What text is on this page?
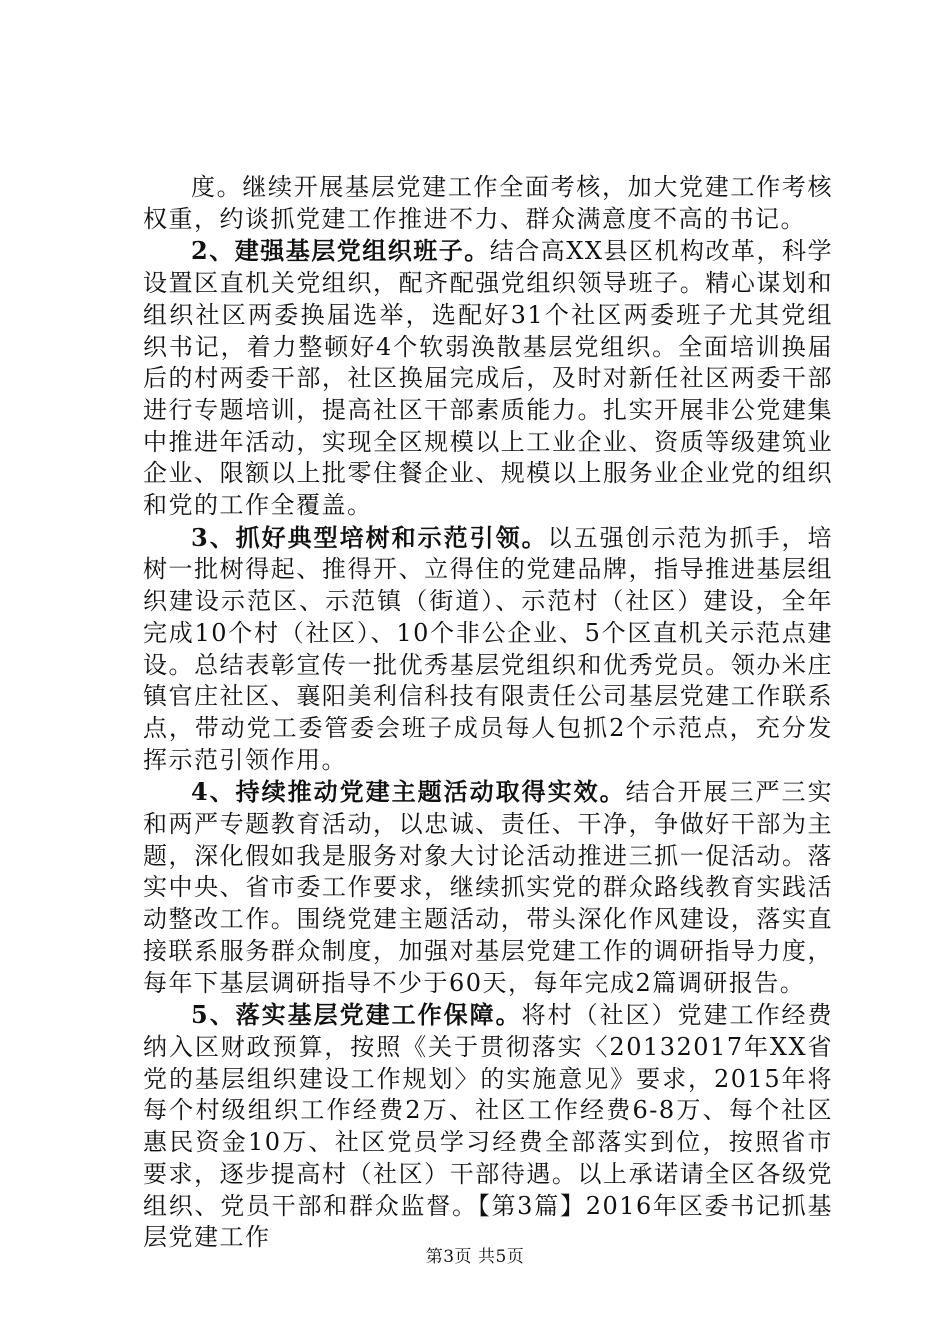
度。继续开展基层党建工作全面考核，加大党建工作考核权重，约谈抓党建工作推进不力、群众满意度不高的书记。

2、建强基层党组织班子。结合高XX县区机构改革，科学设置区直机关党组织，配齐配强党组织领导班子。精心谋划和组织社区两委换届选举，选配好31个社区两委班子尤其党组织书记，着力整顿好4个软弱涣散基层党组织。全面培训换届后的村两委干部，社区换届完成后，及时对新任社区两委干部进行专题培训，提高社区干部素质能力。扎实开展非公党建集中推进年活动，实现全区规模以上工业企业、资质等级建筑业企业、限额以上批零住餐企业、规模以上服务业企业党的组织和党的工作全覆盖。

3、抓好典型培树和示范引领。以五强创示范为抓手，培树一批树得起、推得开、立得住的党建品牌，指导推进基层组织建设示范区、示范镇（街道）、示范村（社区）建设，全年完成10个村（社区）、10个非公企业、5个区直机关示范点建设。总结表彰宣传一批优秀基层党组织和优秀党员。领办米庄镇官庄社区、襄阳美利信科技有限责任公司基层党建工作联系点，带动党工委管委会班子成员每人包抓2个示范点，充分发挥示范引领作用。

4、持续推动党建主题活动取得实效。结合开展三严三实和两严专题教育活动，以忠诚、责任、干净，争做好干部为主题，深化假如我是服务对象大讨论活动推进三抓一促活动。落实中央、省市委工作要求，继续抓实党的群众路线教育实践活动整改工作。围绕党建主题活动，带头深化作风建设，落实直接联系服务群众制度，加强对基层党建工作的调研指导力度，每年下基层调研指导不少于60天，每年完成2篇调研报告。

5、落实基层党建工作保障。将村（社区）党建工作经费纳入区财政预算，按照《关于贯彻落实〈20132017年XX省党的基层组织建设工作规划〉的实施意见》要求，2015年将每个村级组织工作经费2万、社区工作经费6-8万、每个社区惠民资金10万、社区党员学习经费全部落实到位，按照省市要求，逐步提高村（社区）干部待遇。以上承诺请全区各级党组织、党员干部和群众监督。【第3篇】2016年区委书记抓基层党建工作

第3页 共5页
